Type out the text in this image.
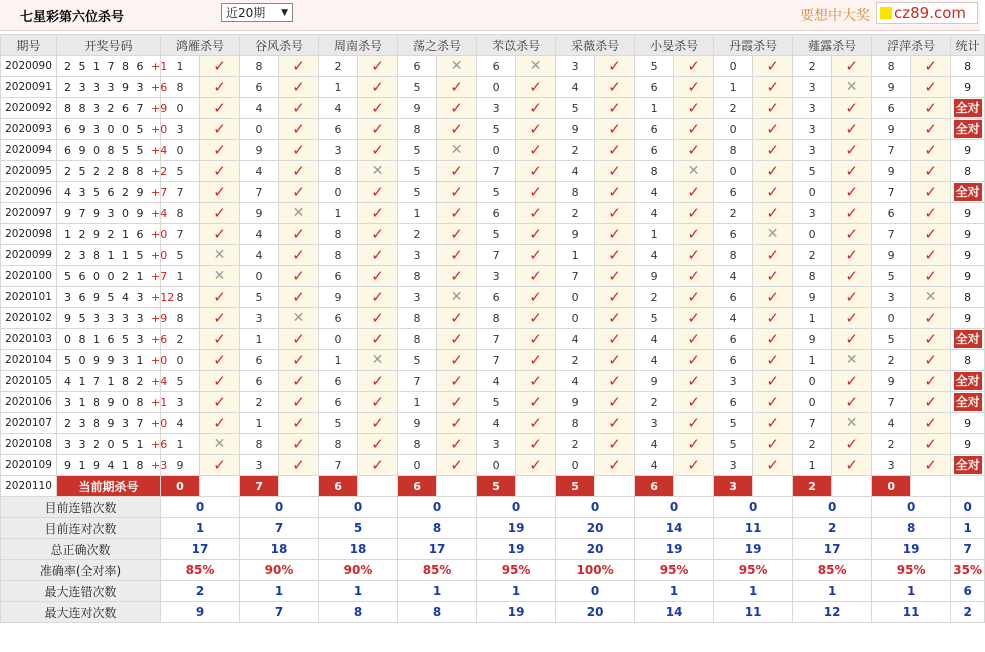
七星彩第六位杀号	近20期 ▼	要想中大奖	cz89.com
期号	开奖号码	鸿雁杀号		谷风杀号		周南杀号		荡之杀号		芣苡杀号		采薇杀号		小旻杀号		丹霞杀号		薤露杀号		浮萍杀号		统计
2020090	2 5 1 7 8 6 +1	1	✓	8	✓	2	✓	6	✕	6	✕	3	✓	5	✓	0	✓	2	✓	8	✓	8
2020091	2 3 3 3 9 3 +6	8	✓	6	✓	1	✓	5	✓	0	✓	4	✓	6	✓	1	✓	3	✕	9	✓	9
2020092	8 8 3 2 6 7 +9	0	✓	4	✓	4	✓	9	✓	3	✓	5	✓	1	✓	2	✓	3	✓	6	✓	全对
2020093	6 9 3 0 0 5 +0	3	✓	0	✓	6	✓	8	✓	5	✓	9	✓	6	✓	0	✓	3	✓	9	✓	全对
2020094	6 9 0 8 5 5 +4	0	✓	9	✓	3	✓	5	✕	0	✓	2	✓	6	✓	8	✓	3	✓	7	✓	9
2020095	2 5 2 2 8 8 +2	5	✓	4	✓	8	✕	5	✓	7	✓	4	✓	8	✕	0	✓	5	✓	9	✓	8
2020096	4 3 5 6 2 9 +7	7	✓	7	✓	0	✓	5	✓	5	✓	8	✓	4	✓	6	✓	0	✓	7	✓	全对
2020097	9 7 9 3 0 9 +4	8	✓	9	✕	1	✓	1	✓	6	✓	2	✓	4	✓	2	✓	3	✓	6	✓	9
2020098	1 2 9 2 1 6 +0	7	✓	4	✓	8	✓	2	✓	5	✓	9	✓	1	✓	6	✕	0	✓	7	✓	9
2020099	2 3 8 1 1 5 +0	5	✕	4	✓	8	✓	3	✓	7	✓	1	✓	4	✓	8	✓	2	✓	9	✓	9
2020100	5 6 0 0 2 1 +7	1	✕	0	✓	6	✓	8	✓	3	✓	7	✓	9	✓	4	✓	8	✓	5	✓	9
2020101	3 6 9 5 4 3 +12	8	✓	5	✓	9	✓	3	✕	6	✓	0	✓	2	✓	6	✓	9	✓	3	✕	8
2020102	9 5 3 3 3 3 +9	8	✓	3	✕	6	✓	8	✓	8	✓	0	✓	5	✓	4	✓	1	✓	0	✓	9
2020103	0 8 1 6 5 3 +6	2	✓	1	✓	0	✓	8	✓	7	✓	4	✓	4	✓	6	✓	9	✓	5	✓	全对
2020104	5 0 9 9 3 1 +0	0	✓	6	✓	1	✕	5	✓	7	✓	2	✓	4	✓	6	✓	1	✕	2	✓	8
2020105	4 1 7 1 8 2 +4	5	✓	6	✓	6	✓	7	✓	4	✓	4	✓	9	✓	3	✓	0	✓	9	✓	全对
2020106	3 1 8 9 0 8 +1	3	✓	2	✓	6	✓	1	✓	5	✓	9	✓	2	✓	6	✓	0	✓	7	✓	全对
2020107	2 3 8 9 3 7 +0	4	✓	1	✓	5	✓	9	✓	4	✓	8	✓	3	✓	5	✓	7	✕	4	✓	9
2020108	3 3 2 0 5 1 +6	1	✕	8	✓	8	✓	8	✓	3	✓	2	✓	4	✓	5	✓	2	✓	2	✓	9
2020109	9 1 9 4 1 8 +3	9	✓	3	✓	7	✓	0	✓	0	✓	0	✓	4	✓	3	✓	1	✓	3	✓	全对
2020110	当前期杀号	0		7		6		6		5		5		6		3		2		0		
目前连错次数		0		0		0		0		0		0		0		0		0		0		0
目前连对次数		1		7		5		8		19		20		14		11		2		8		1
总正确次数		17		18		18		17		19		20		19		19		17		19		7
准确率(全对率)		85%		90%		90%		85%		95%		100%		95%		95%		85%		95%		35%
最大连错次数		2		1		1		1		1		0		1		1		1		1		6
最大连对次数		9		7		8		8		19		20		14		11		12		11		2
